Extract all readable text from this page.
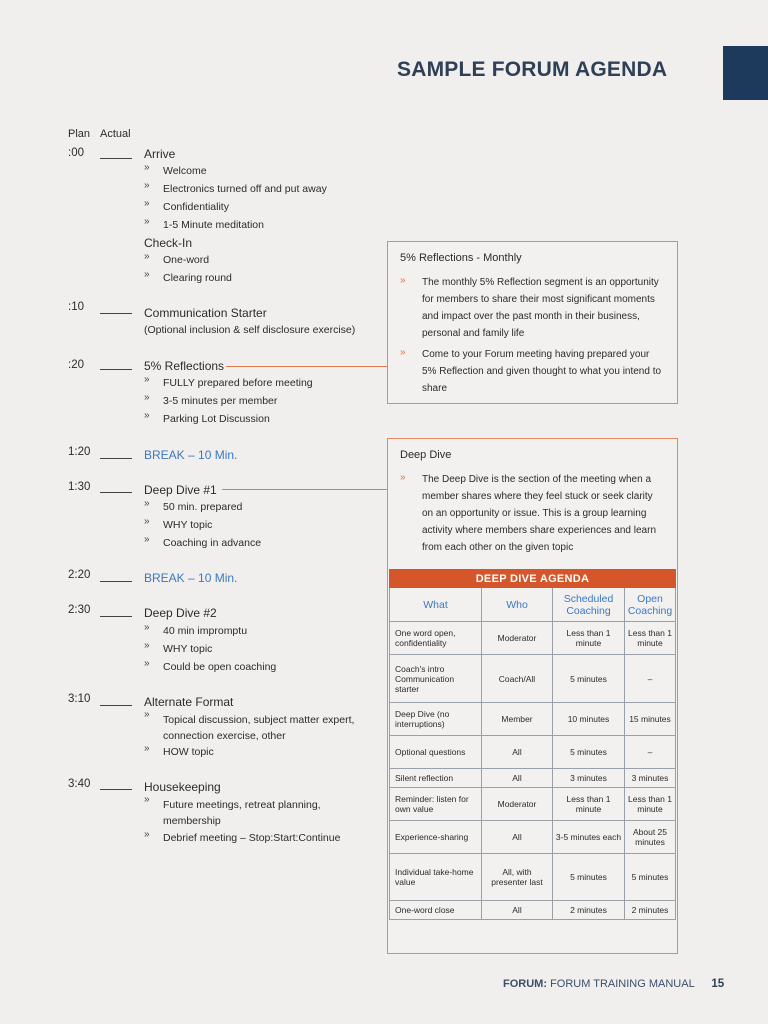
SAMPLE FORUM AGENDA
Plan Actual
:00	Arrive
» Welcome
» Electronics turned off and put away
» Confidentiality
» 1-5 Minute meditation
Check-In
» One-word
» Clearing round
:10	Communication Starter
(Optional inclusion & self disclosure exercise)
:20	5% Reflections
» FULLY prepared before meeting
» 3-5 minutes per member
» Parking Lot Discussion
1:20	BREAK – 10 Min.
1:30	Deep Dive #1
» 50 min. prepared
» WHY topic
» Coaching in advance
2:20	BREAK – 10 Min.
2:30	Deep Dive #2
» 40 min impromptu
» WHY topic
» Could be open coaching
3:10	Alternate Format
» Topical discussion, subject matter expert, connection exercise, other
» HOW topic
3:40	Housekeeping
» Future meetings, retreat planning, membership
» Debrief meeting – Stop:Start:Continue
5% Reflections - Monthly
»	The monthly 5% Reflection segment is an opportunity for members to share their most significant moments and impact over the past month in their business, personal and family life
»	Come to your Forum meeting having prepared your 5% Reflection and given thought to what you intend to share
Deep Dive
»	The Deep Dive is the section of the meeting when a member shares where they feel stuck or seek clarity on an opportunity or issue. This is a group learning activity where members share experiences and learn from each other on the given topic
DEEP DIVE AGENDA			
What	Who	Scheduled Coaching	Open Coaching
One word open, confidentiality	Moderator	Less than 1 minute	Less than 1 minute
Coach's intro Communication starter	Coach/All	5 minutes	–
Deep Dive (no interruptions)	Member	10 minutes	15 minutes
Optional questions	All	5 minutes	–
Silent reflection	All	3 minutes	3 minutes
Reminder: listen for own value	Moderator	Less than 1 minute	Less than 1 minute
Experience-sharing	All	3-5 minutes each	About 25 minutes
Individual take-home value	All, with presenter last	5 minutes	5 minutes
One-word close	All	2 minutes	2 minutes
FORUM: FORUM TRAINING MANUAL 15
